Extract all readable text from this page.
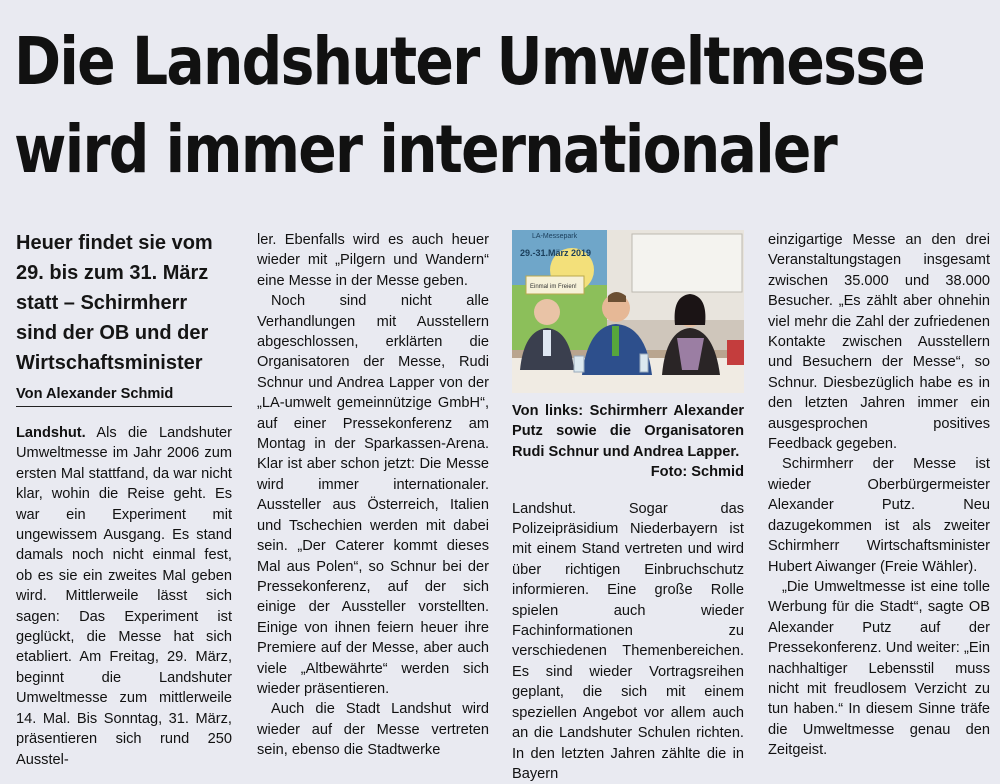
Die Landshuter Umweltmesse
wird immer internationaler
Heuer findet sie vom 29. bis zum 31. März statt – Schirmherr sind der OB und der Wirtschaftsminister
Von Alexander Schmid

Landshut. Als die Landshuter Umweltmesse im Jahr 2006 zum ersten Mal stattfand, da war nicht klar, wohin die Reise geht. Es war ein Experiment mit ungewissem Ausgang. Es stand damals noch nicht einmal fest, ob es sie ein zweites Mal geben wird. Mittlerweile lässt sich sagen: Das Experiment ist geglückt, die Messe hat sich etabliert. Am Freitag, 29. März, beginnt die Landshuter Umweltmesse zum mittlerweile 14. Mal. Bis Sonntag, 31. März, präsentieren sich rund 250 Ausstel-

ler. Ebenfalls wird es auch heuer wieder mit „Pilgern und Wandern“ eine Messe in der Messe geben.

Noch sind nicht alle Verhandlungen mit Ausstellern abgeschlossen, erklärten die Organisatoren der Messe, Rudi Schnur und Andrea Lapper von der „LA-umwelt gemeinnützige GmbH“, auf einer Pressekonferenz am Montag in der Sparkassen-Arena. Klar ist aber schon jetzt: Die Messe wird immer internationaler. Aussteller aus Österreich, Italien und Tschechien werden mit dabei sein. „Der Caterer kommt dieses Mal aus Polen“, so Schnur bei der Pressekonferenz, auf der sich einige der Aussteller vorstellten. Einige von ihnen feiern heuer ihre Premiere auf der Messe, aber auch viele „Altbewährte“ werden sich wieder präsentieren.

Auch die Stadt Landshut wird wieder auf der Messe vertreten sein, ebenso die Stadtwerke

LA-Messepark
29.-31.März 2019
Einmal im Freien!
Von links: Schirmherr Alexander Putz sowie die Organisatoren Rudi Schnur und Andrea Lapper.
Foto: Schmid

Landshut. Sogar das Polizeipräsidium Niederbayern ist mit einem Stand vertreten und wird über richtigen Einbruchschutz informieren. Eine große Rolle spielen auch wieder Fachinformationen zu verschiedenen Themenbereichen. Es sind wieder Vortragsreihen geplant, die sich mit einem speziellen Angebot vor allem auch an die Landshuter Schulen richten. In den letzten Jahren zählte die in Bayern

einzigartige Messe an den drei Veranstaltungstagen insgesamt zwischen 35.000 und 38.000 Besucher. „Es zählt aber ohnehin viel mehr die Zahl der zufriedenen Kontakte zwischen Ausstellern und Besuchern der Messe“, so Schnur. Diesbezüglich habe es in den letzten Jahren immer ein ausgesprochen positives Feedback gegeben.

Schirmherr der Messe ist wieder Oberbürgermeister Alexander Putz. Neu dazugekommen ist als zweiter Schirmherr Wirtschaftsminister Hubert Aiwanger (Freie Wähler).

„Die Umweltmesse ist eine tolle Werbung für die Stadt“, sagte OB Alexander Putz auf der Pressekonferenz. Und weiter: „Ein nachhaltiger Lebensstil muss nicht mit freudlosem Verzicht zu tun haben.“ In diesem Sinne träfe die Umweltmesse genau den Zeitgeist.
